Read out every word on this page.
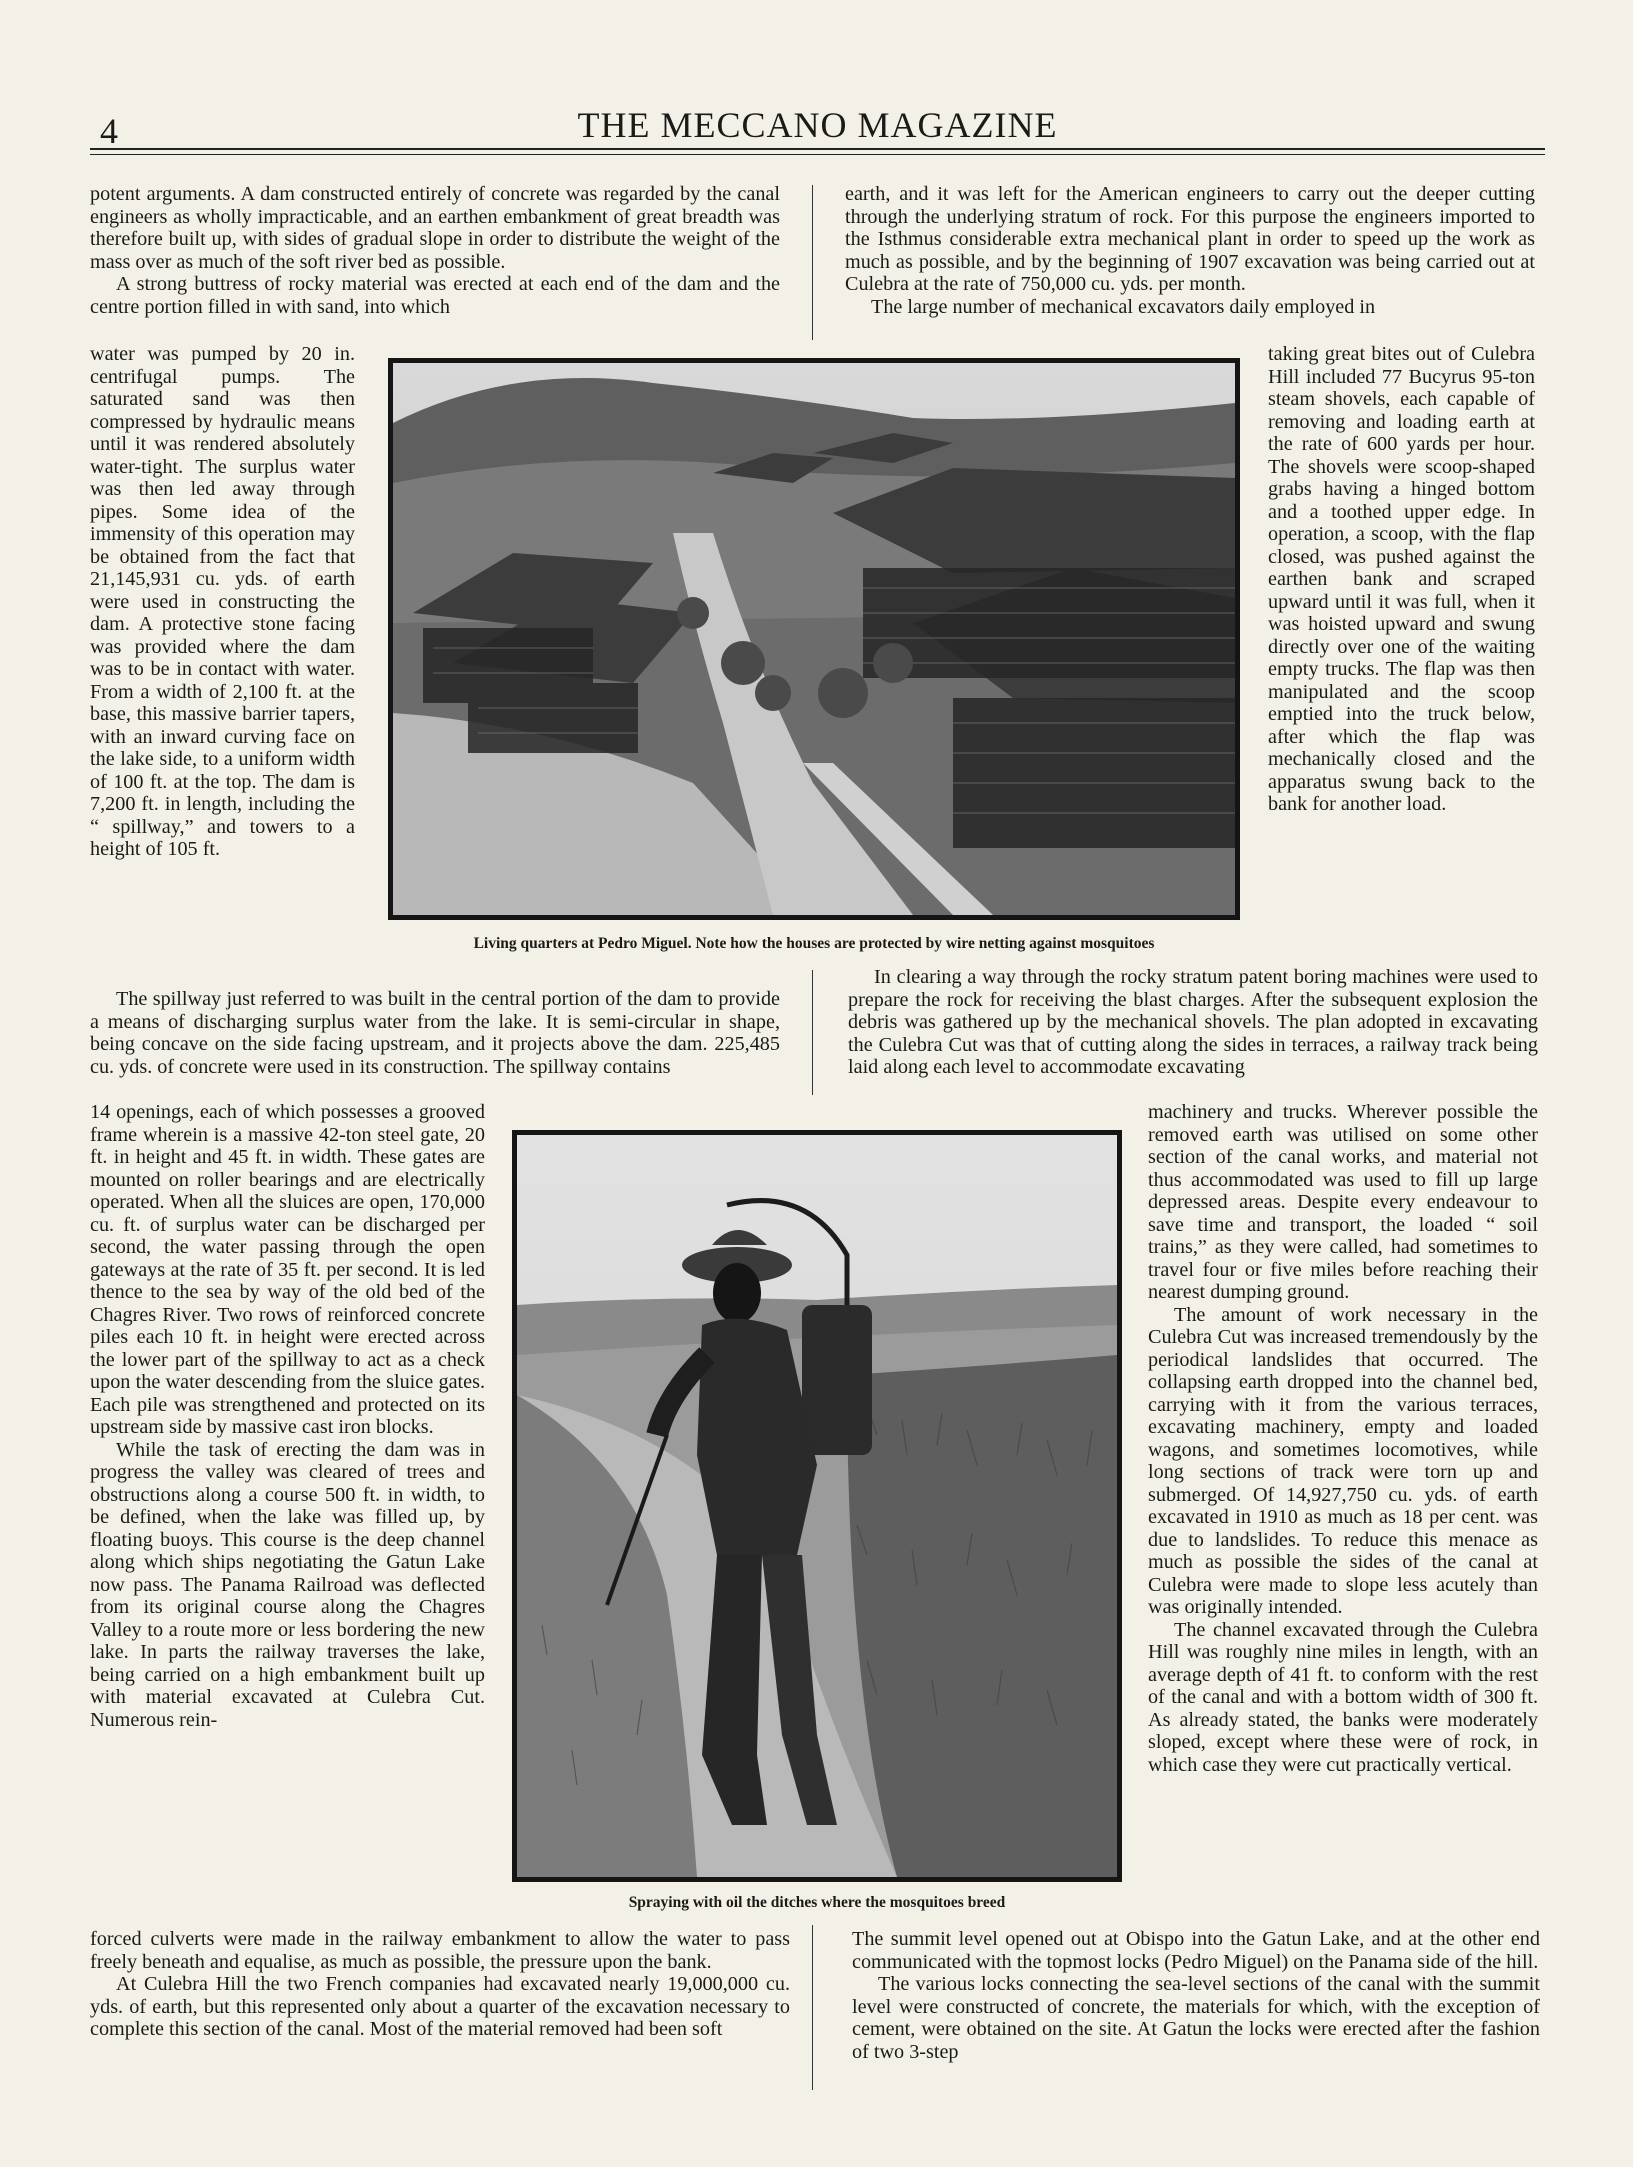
4	THE MECCANO MAGAZINE

potent arguments. A dam constructed entirely of concrete was regarded by the canal engineers as wholly impracticable, and an earthen embankment of great breadth was therefore built up, with sides of gradual slope in order to distribute the weight of the mass over as much of the soft river bed as possible.

A strong buttress of rocky material was erected at each end of the dam and the centre portion filled in with sand, into which

water was pumped by 20 in. centrifugal pumps. The saturated sand was then compressed by hydraulic means until it was rendered absolutely water-tight. The surplus water was then led away through pipes. Some idea of the immensity of this operation may be obtained from the fact that 21,145,931 cu. yds. of earth were used in constructing the dam. A protective stone facing was provided where the dam was to be in contact with water. From a width of 2,100 ft. at the base, this massive barrier tapers, with an inward curving face on the lake side, to a uniform width of 100 ft. at the top. The dam is 7,200 ft. in length, including the “ spillway,” and towers to a height of 105 ft.

The spillway just referred to was built in the central portion of the dam to provide a means of discharging surplus water from the lake. It is semi-circular in shape, being concave on the side facing upstream, and it projects above the dam. 225,485 cu. yds. of concrete were used in its construction. The spillway contains

14 openings, each of which possesses a grooved frame wherein is a massive 42-ton steel gate, 20 ft. in height and 45 ft. in width. These gates are mounted on roller bearings and are electrically operated. When all the sluices are open, 170,000 cu. ft. of surplus water can be discharged per second, the water passing through the open gateways at the rate of 35 ft. per second. It is led thence to the sea by way of the old bed of the Chagres River. Two rows of reinforced concrete piles each 10 ft. in height were erected across the lower part of the spillway to act as a check upon the water descending from the sluice gates. Each pile was strengthened and protected on its upstream side by massive cast iron blocks.

While the task of erecting the dam was in progress the valley was cleared of trees and obstructions along a course 500 ft. in width, to be defined, when the lake was filled up, by floating buoys. This course is the deep channel along which ships negotiating the Gatun Lake now pass. The Panama Railroad was deflected from its original course along the Chagres Valley to a route more or less bordering the new lake. In parts the railway traverses the lake, being carried on a high embankment built up with material excavated at Culebra Cut. Numerous rein-

forced culverts were made in the railway embankment to allow the water to pass freely beneath and equalise, as much as possible, the pressure upon the bank.

At Culebra Hill the two French companies had excavated nearly 19,000,000 cu. yds. of earth, but this represented only about a quarter of the excavation necessary to complete this section of the canal. Most of the material removed had been soft

earth, and it was left for the American engineers to carry out the deeper cutting through the underlying stratum of rock. For this purpose the engineers imported to the Isthmus considerable extra mechanical plant in order to speed up the work as much as possible, and by the beginning of 1907 excavation was being carried out at Culebra at the rate of 750,000 cu. yds. per month.

The large number of mechanical excavators daily employed in

taking great bites out of Culebra Hill included 77 Bucyrus 95-ton steam shovels, each capable of removing and loading earth at the rate of 600 yards per hour. The shovels were scoop-shaped grabs having a hinged bottom and a toothed upper edge. In operation, a scoop, with the flap closed, was pushed against the earthen bank and scraped upward until it was full, when it was hoisted upward and swung directly over one of the waiting empty trucks. The flap was then manipulated and the scoop emptied into the truck below, after which the flap was mechanically closed and the apparatus swung back to the bank for another load.

In clearing a way through the rocky stratum patent boring machines were used to prepare the rock for receiving the blast charges. After the subsequent explosion the debris was gathered up by the mechanical shovels. The plan adopted in excavating the Culebra Cut was that of cutting along the sides in terraces, a railway track being laid along each level to accommodate excavating

machinery and trucks. Wherever possible the removed earth was utilised on some other section of the canal works, and material not thus accommodated was used to fill up large depressed areas. Despite every endeavour to save time and transport, the loaded “ soil trains,” as they were called, had sometimes to travel four or five miles before reaching their nearest dumping ground.

The amount of work necessary in the Culebra Cut was increased tremendously by the periodical landslides that occurred. The collapsing earth dropped into the channel bed, carrying with it from the various terraces, excavating machinery, empty and loaded wagons, and sometimes locomotives, while long sections of track were torn up and submerged. Of 14,927,750 cu. yds. of earth excavated in 1910 as much as 18 per cent. was due to landslides. To reduce this menace as much as possible the sides of the canal at Culebra were made to slope less acutely than was originally intended.

The channel excavated through the Culebra Hill was roughly nine miles in length, with an average depth of 41 ft. to conform with the rest of the canal and with a bottom width of 300 ft. As already stated, the banks were moderately sloped, except where these were of rock, in which case they were cut practically vertical.

The summit level opened out at Obispo into the Gatun Lake, and at the other end communicated with the topmost locks (Pedro Miguel) on the Panama side of the hill.

The various locks connecting the sea-level sections of the canal with the summit level were constructed of concrete, the materials for which, with the exception of cement, were obtained on the site. At Gatun the locks were erected after the fashion of two 3-step

Living quarters at Pedro Miguel. Note how the houses are protected by wire netting against mosquitoes
Spraying with oil the ditches where the mosquitoes breed
